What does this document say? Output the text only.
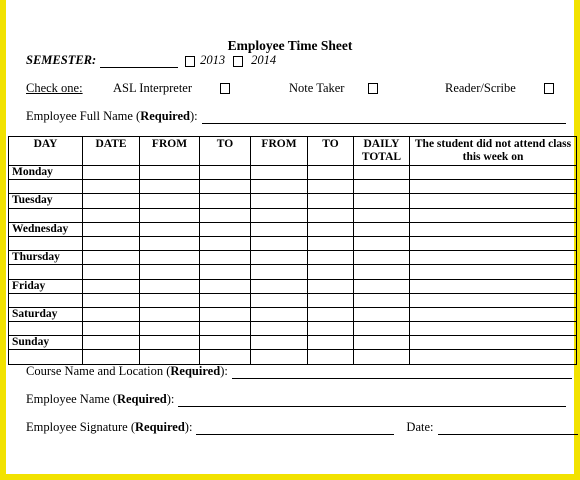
Employee Time Sheet
SEMESTER:	2013 2014
Check one: ASL Interpreter	Note Taker	Reader/Scribe
Employee Full Name (Required):
DAY	DATE	FROM	TO	FROM	TO	DAILY TOTAL	The student did not attend class this week on
Monday							

Tuesday							

Wednesday							

Thursday							

Friday							

Saturday							

Sunday							

Course Name and Location (Required):
Employee Name (Required):
Employee Signature (Required):	Date:
